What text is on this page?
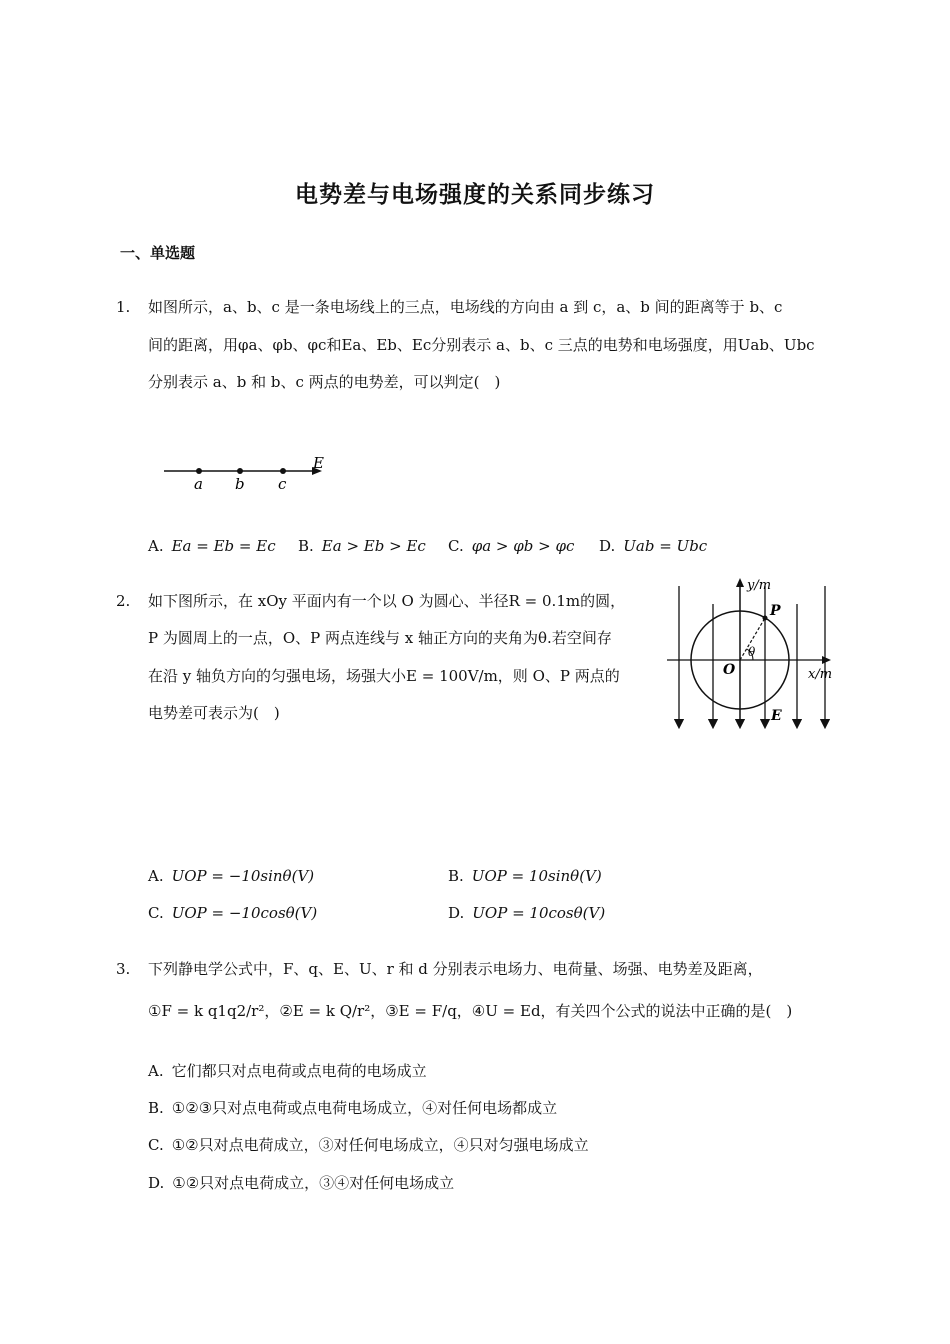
电势差与电场强度的关系同步练习
一、单选题
1. 如图所示，a、b、c 是一条电场线上的三点，电场线的方向由 a 到 c，a、b 间的距离等于 b、c
间的距离，用φa、φb、φc和Ea、Eb、Ec分别表示 a、b、c 三点的电势和电场强度，用Uab、Ubc
分别表示 a、b 和 b、c 两点的电势差，可以判定(　)
a b c
E
A. Ea = Eb = Ec B. Ea > Eb > Ec C. φa > φb > φc D. Uab = Ubc
2. 如下图所示，在 xOy 平面内有一个以 O 为圆心、半径R = 0.1m的圆，
P 为圆周上的一点，O、P 两点连线与 x 轴正方向的夹角为θ.若空间存
在沿 y 轴负方向的匀强电场，场强大小E = 100V/m，则 O、P 两点的
电势差可表示为(　)
y/m
x/m
O
P
θ
E
A. UOP = −10sinθ(V)	B. UOP = 10sinθ(V)
C. UOP = −10cosθ(V)	D. UOP = 10cosθ(V)
3. 下列静电学公式中，F、q、E、U、r 和 d 分别表示电场力、电荷量、场强、电势差及距离，
①F = k q1q2/r²，②E = k Q/r²，③E = F/q，④U = Ed，有关四个公式的说法中正确的是(　)
A. 它们都只对点电荷或点电荷的电场成立
B. ①②③只对点电荷或点电荷电场成立，④对任何电场都成立
C. ①②只对点电荷成立，③对任何电场成立，④只对匀强电场成立
D. ①②只对点电荷成立，③④对任何电场成立
